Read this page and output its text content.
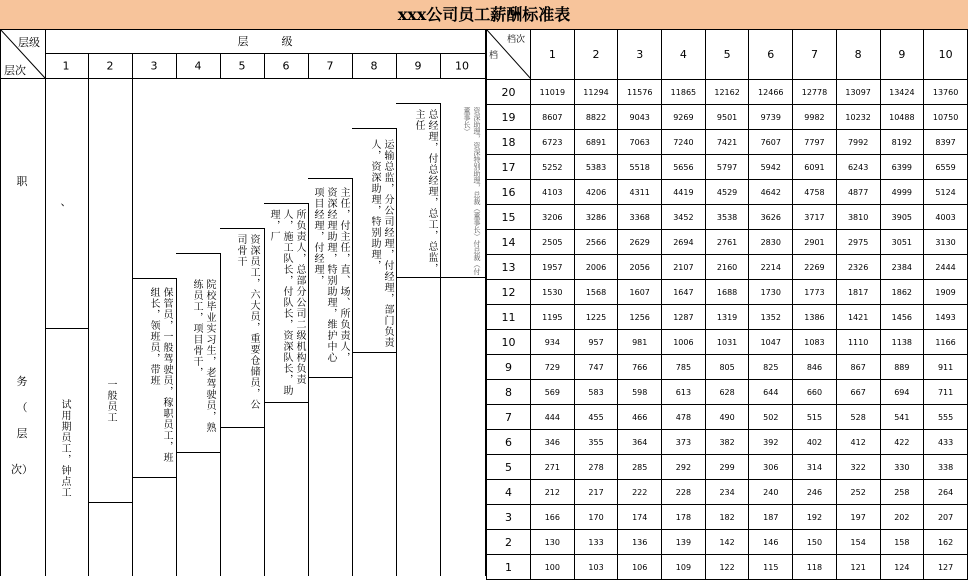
xxx公司员工薪酬标准表
层级
层次
层　　　级
1	2	3	4	5	6	7	8	9	10
职
务
（
层
次）
、
试用期员工，钟点工	一般员工	保管员，一般驾驶员，稼职员工，班组长，领班员，带班	院校毕业实习生，老驾驶员，熟练员工，项目骨干，	资深员工，六大员，重要仓储员，公司骨干	所负责人，总部分公司二级机构负责人，施工队长，付队长，资深队长，助理，厂	主任，付主任，直、场、所负责人，资深经理助理，特别助理，维护中心项目经理，付经理，	运输总监，分公司经理，付经理，部门负责人，资深助理，特别助理，	总经理，付总经理，总工，总监，主任	资深助理，资深特别助理，总裁（董事长）付总裁（付董事长）
档次
档	1	2	3	4	5	6	7	8	9	10
20	11019	11294	11576	11865	12162	12466	12778	13097	13424	13760
19	8607	8822	9043	9269	9501	9739	9982	10232	10488	10750
18	6723	6891	7063	7240	7421	7607	7797	7992	8192	8397
17	5252	5383	5518	5656	5797	5942	6091	6243	6399	6559
16	4103	4206	4311	4419	4529	4642	4758	4877	4999	5124
15	3206	3286	3368	3452	3538	3626	3717	3810	3905	4003
14	2505	2566	2629	2694	2761	2830	2901	2975	3051	3130
13	1957	2006	2056	2107	2160	2214	2269	2326	2384	2444
12	1530	1568	1607	1647	1688	1730	1773	1817	1862	1909
11	1195	1225	1256	1287	1319	1352	1386	1421	1456	1493
10	934	957	981	1006	1031	1047	1083	1110	1138	1166
9	729	747	766	785	805	825	846	867	889	911
8	569	583	598	613	628	644	660	667	694	711
7	444	455	466	478	490	502	515	528	541	555
6	346	355	364	373	382	392	402	412	422	433
5	271	278	285	292	299	306	314	322	330	338
4	212	217	222	228	234	240	246	252	258	264
3	166	170	174	178	182	187	192	197	202	207
2	130	133	136	139	142	146	150	154	158	162
1	100	103	106	109	122	115	118	121	124	127
